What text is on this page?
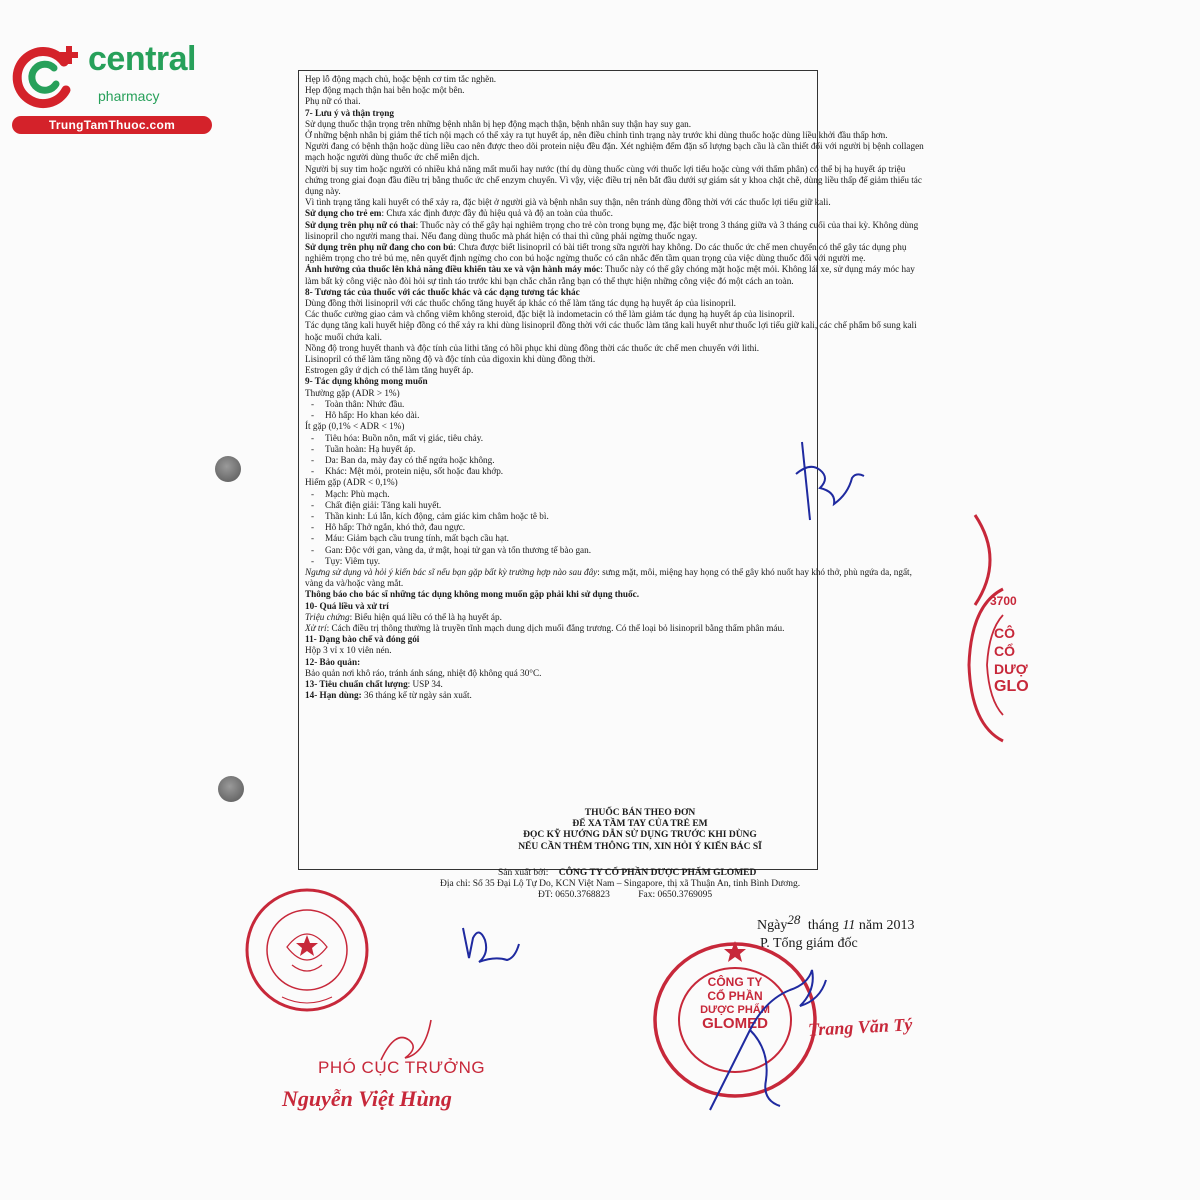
central
pharmacy
TrungTamThuoc.com
Hẹp lỗ động mạch chủ, hoặc bệnh cơ tim tắc nghẽn.
Hẹp động mạch thận hai bên hoặc một bên.
Phụ nữ có thai.
7- Lưu ý và thận trọng
Sử dụng thuốc thận trọng trên những bệnh nhân bị hẹp động mạch thận, bệnh nhân suy thận hay suy gan.
Ở những bệnh nhân bị giảm thể tích nội mạch có thể xảy ra tụt huyết áp, nên điều chỉnh tình trạng này trước khi dùng thuốc hoặc dùng liều khởi đầu thấp hơn.
Người đang có bệnh thận hoặc dùng liều cao nên được theo dõi protein niệu đều đặn. Xét nghiệm đếm đặn số lượng bạch cầu là cần thiết đối với người bị bệnh collagen
mạch hoặc người dùng thuốc ức chế miễn dịch.
Người bị suy tim hoặc người có nhiều khả năng mất muối hay nước (thí dụ dùng thuốc cùng với thuốc lợi tiểu hoặc cùng với thẩm phân) có thể bị hạ huyết áp triệu
chứng trong giai đoạn đầu điều trị bằng thuốc ức chế enzym chuyển. Vì vậy, việc điều trị nên bắt đầu dưới sự giám sát y khoa chặt chẽ, dùng liều thấp để giảm thiểu tác
dụng này.
Vì tình trạng tăng kali huyết có thể xảy ra, đặc biệt ở người già và bệnh nhân suy thận, nên tránh dùng đồng thời với các thuốc lợi tiểu giữ kali.
Sử dụng cho trẻ em: Chưa xác định được đầy đủ hiệu quả và độ an toàn của thuốc.
Sử dụng trên phụ nữ có thai: Thuốc này có thể gây hại nghiêm trọng cho trẻ còn trong bụng mẹ, đặc biệt trong 3 tháng giữa và 3 tháng cuối của thai kỳ. Không dùng
lisinopril cho người mang thai. Nếu đang dùng thuốc mà phát hiện có thai thì cũng phải ngừng thuốc ngay.
Sử dụng trên phụ nữ đang cho con bú: Chưa được biết lisinopril có bài tiết trong sữa người hay không. Do các thuốc ức chế men chuyển có thể gây tác dụng phụ
nghiêm trọng cho trẻ bú mẹ, nên quyết định ngừng cho con bú hoặc ngừng thuốc có cân nhắc đến tầm quan trọng của việc dùng thuốc đối với người mẹ.
Ảnh hưởng của thuốc lên khả năng điều khiển tàu xe và vận hành máy móc: Thuốc này có thể gây chóng mặt hoặc mệt mỏi. Không lái xe, sử dụng máy móc hay
làm bất kỳ công việc nào đòi hỏi sự tỉnh táo trước khi bạn chắc chắn rằng bạn có thể thực hiện những công việc đó một cách an toàn.
8- Tương tác của thuốc với các thuốc khác và các dạng tương tác khác
Dùng đồng thời lisinopril với các thuốc chống tăng huyết áp khác có thể làm tăng tác dụng hạ huyết áp của lisinopril.
Các thuốc cường giao cảm và chống viêm không steroid, đặc biệt là indometacin có thể làm giảm tác dụng hạ huyết áp của lisinopril.
Tác dụng tăng kali huyết hiệp đồng có thể xảy ra khi dùng lisinopril đồng thời với các thuốc làm tăng kali huyết như thuốc lợi tiểu giữ kali, các chế phẩm bổ sung kali
hoặc muối chứa kali.
Nồng độ trong huyết thanh và độc tính của lithi tăng có hồi phục khi dùng đồng thời các thuốc ức chế men chuyển với lithi.
Lisinopril có thể làm tăng nồng độ và độc tính của digoxin khi dùng đồng thời.
Estrogen gây ứ dịch có thể làm tăng huyết áp.
9- Tác dụng không mong muốn
Thường gặp (ADR > 1%)
- Toàn thân: Nhức đầu.
- Hô hấp: Ho khan kéo dài.
Ít gặp (0,1% < ADR < 1%)
- Tiêu hóa: Buồn nôn, mất vị giác, tiêu chảy.
- Tuần hoàn: Hạ huyết áp.
- Da: Ban da, mày đay có thể ngứa hoặc không.
- Khác: Mệt mỏi, protein niệu, sốt hoặc đau khớp.
Hiếm gặp (ADR < 0,1%)
- Mạch: Phù mạch.
- Chất điện giải: Tăng kali huyết.
- Thần kinh: Lú lẫn, kích động, cảm giác kim châm hoặc tê bì.
- Hô hấp: Thở ngắn, khó thở, đau ngực.
- Máu: Giảm bạch cầu trung tính, mất bạch cầu hạt.
- Gan: Độc với gan, vàng da, ứ mật, hoại tử gan và tổn thương tế bào gan.
- Tụy: Viêm tụy.
Ngưng sử dụng và hỏi ý kiến bác sĩ nếu bạn gặp bất kỳ trường hợp nào sau đây: sưng mặt, môi, miệng hay họng có thể gây khó nuốt hay khó thở, phù ngứa da, ngất,
vàng da và/hoặc vàng mắt.
Thông báo cho bác sĩ những tác dụng không mong muốn gặp phải khi sử dụng thuốc.
10- Quá liều và xử trí
Triệu chứng: Biểu hiện quá liều có thể là hạ huyết áp.
Xử trí: Cách điều trị thông thường là truyền tĩnh mạch dung dịch muối đẳng trương. Có thể loại bỏ lisinopril bằng thẩm phân máu.
11- Dạng bào chế và đóng gói
Hộp 3 vỉ x 10 viên nén.
12- Bảo quản:
Bảo quản nơi khô ráo, tránh ánh sáng, nhiệt độ không quá 30°C.
13- Tiêu chuẩn chất lượng: USP 34.
14- Hạn dùng: 36 tháng kể từ ngày sản xuất.
THUỐC BÁN THEO ĐƠN
ĐỂ XA TẦM TAY CỦA TRẺ EM
ĐỌC KỸ HƯỚNG DẪN SỬ DỤNG TRƯỚC KHI DÙNG
NẾU CẦN THÊM THÔNG TIN, XIN HỎI Ý KIẾN BÁC SĨ
Sản xuất bởi: CÔNG TY CỔ PHẦN DƯỢC PHẨM GLOMED
Địa chỉ: Số 35 Đại Lộ Tự Do, KCN Việt Nam – Singapore, thị xã Thuận An, tỉnh Bình Dương.
ĐT: 0650.3768823	Fax: 0650.3769095
Ngày28 tháng 11 năm 2013
P. Tổng giám đốc
CÔNG TY
CỔ PHẦN
DƯỢC PHẨM
GLOMED
3700
CÔ
CỔ
DƯỢ
GLO
PHÓ CỤC TRƯỞNG
Nguyễn Việt Hùng
Trang Văn Tý
